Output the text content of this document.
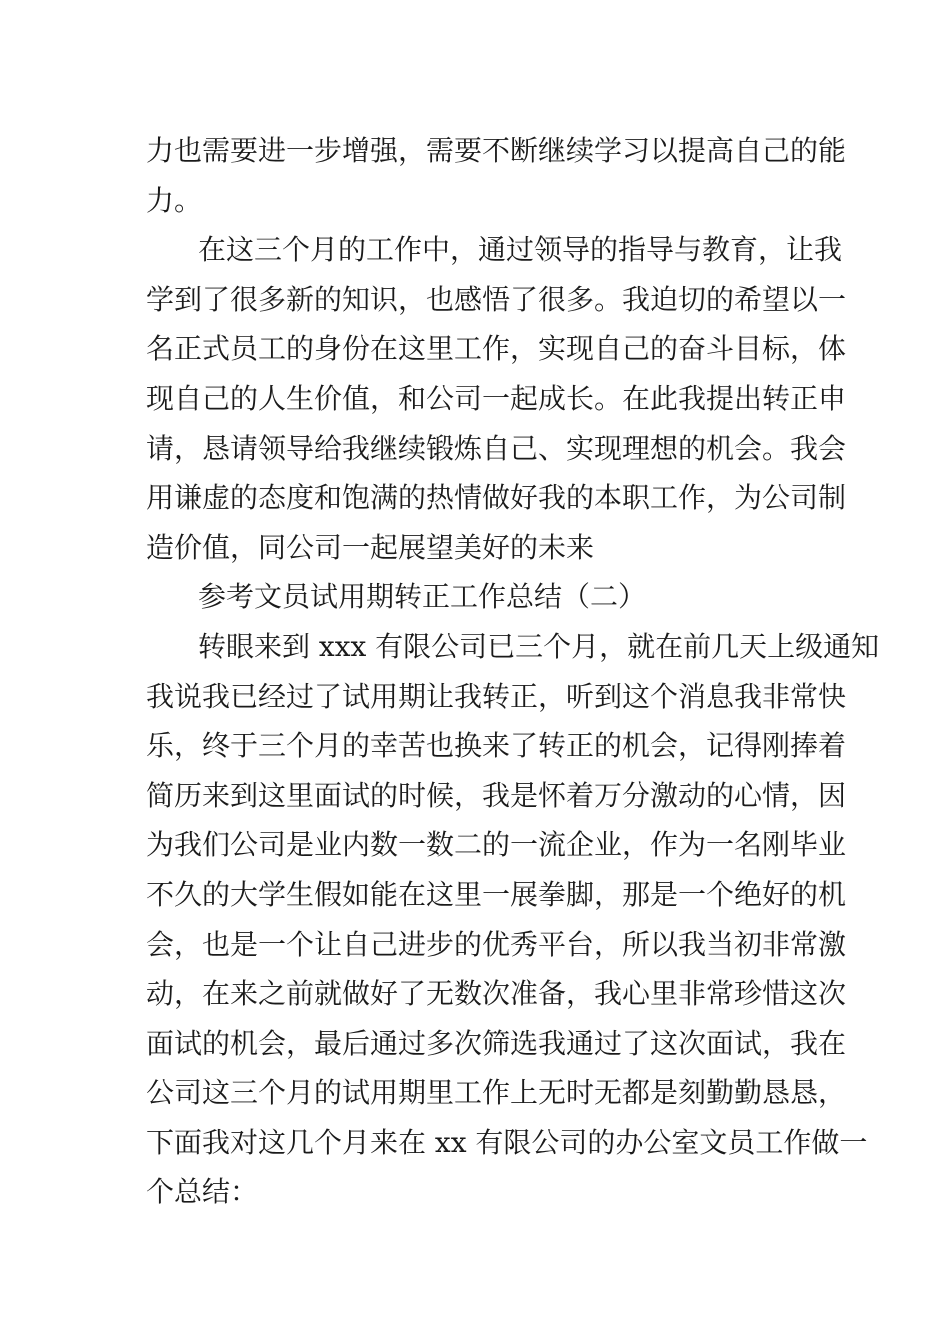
力也需要进一步增强，需要不断继续学习以提高自己的能
力。
在这三个月的工作中，通过领导的指导与教育，让我
学到了很多新的知识，也感悟了很多。我迫切的希望以一
名正式员工的身份在这里工作，实现自己的奋斗目标，体
现自己的人生价值，和公司一起成长。在此我提出转正申
请，恳请领导给我继续锻炼自己、实现理想的机会。我会
用谦虚的态度和饱满的热情做好我的本职工作，为公司制
造价值，同公司一起展望美好的未来
参考文员试用期转正工作总结（二）
转眼来到 xxx 有限公司已三个月，就在前几天上级通知
我说我已经过了试用期让我转正，听到这个消息我非常快
乐，终于三个月的幸苦也换来了转正的机会，记得刚捧着
简历来到这里面试的时候，我是怀着万分激动的心情，因
为我们公司是业内数一数二的一流企业，作为一名刚毕业
不久的大学生假如能在这里一展拳脚，那是一个绝好的机
会，也是一个让自己进步的优秀平台，所以我当初非常激
动，在来之前就做好了无数次准备，我心里非常珍惜这次
面试的机会，最后通过多次筛选我通过了这次面试，我在
公司这三个月的试用期里工作上无时无都是刻勤勤恳恳，
下面我对这几个月来在 xx 有限公司的办公室文员工作做一
个总结：
